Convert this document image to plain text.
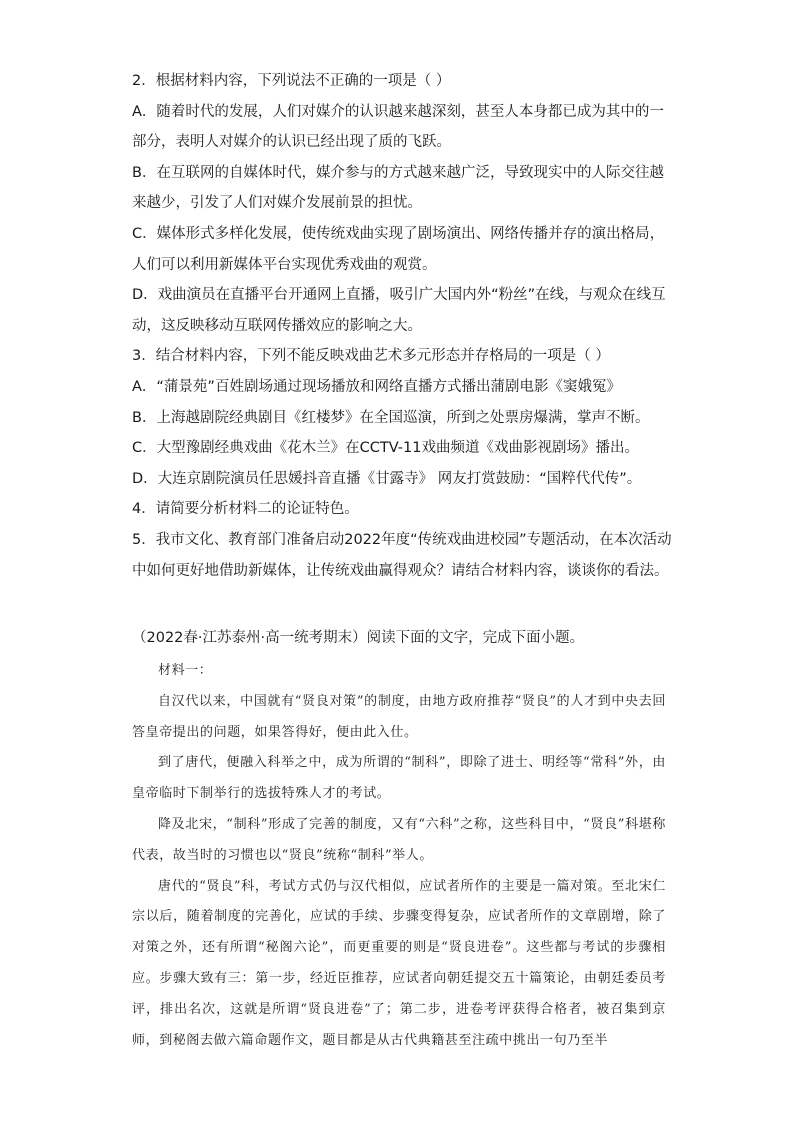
2．根据材料内容，下列说法不正确的一项是（ ）

A．随着时代的发展，人们对媒介的认识越来越深刻，甚至人本身都已成为其中的一部分，表明人对媒介的认识已经出现了质的飞跃。

B．在互联网的自媒体时代，媒介参与的方式越来越广泛，导致现实中的人际交往越来越少，引发了人们对媒介发展前景的担忧。

C．媒体形式多样化发展，使传统戏曲实现了剧场演出、网络传播并存的演出格局，人们可以利用新媒体平台实现优秀戏曲的观赏。

D．戏曲演员在直播平台开通网上直播，吸引广大国内外“粉丝”在线，与观众在线互动，这反映移动互联网传播效应的影响之大。

3．结合材料内容，下列不能反映戏曲艺术多元形态并存格局的一项是（ ）

A．“蒲景苑”百姓剧场通过现场播放和网络直播方式播出蒲剧电影《窦娥冤》

B．上海越剧院经典剧目《红楼梦》在全国巡演，所到之处票房爆满，掌声不断。

C．大型豫剧经典戏曲《花木兰》在CCTV-11戏曲频道《戏曲影视剧场》播出。

D．大连京剧院演员任思媛抖音直播《甘露寺》 网友打赏鼓励：“国粹代代传”。

4．请简要分析材料二的论证特色。

5．我市文化、教育部门准备启动2022年度“传统戏曲进校园”专题活动，在本次活动中如何更好地借助新媒体，让传统戏曲赢得观众？请结合材料内容，谈谈你的看法。

（2022春·江苏泰州·高一统考期末）阅读下面的文字，完成下面小题。

材料一：

自汉代以来，中国就有“贤良对策”的制度，由地方政府推荐“贤良”的人才到中央去回答皇帝提出的问题，如果答得好，便由此入仕。

到了唐代，便融入科举之中，成为所谓的“制科”，即除了进士、明经等“常科”外，由皇帝临时下制举行的选拔特殊人才的考试。

降及北宋，“制科”形成了完善的制度，又有“六科”之称，这些科目中，“贤良”科堪称代表，故当时的习惯也以“贤良”统称“制科”举人。

唐代的“贤良”科，考试方式仍与汉代相似，应试者所作的主要是一篇对策。至北宋仁宗以后，随着制度的完善化，应试的手续、步骤变得复杂，应试者所作的文章剧增，除了对策之外，还有所谓“秘阁六论”，而更重要的则是“贤良进卷”。这些都与考试的步骤相应。步骤大致有三：第一步，经近臣推荐，应试者向朝廷提交五十篇策论，由朝廷委员考评，排出名次，这就是所谓“贤良进卷”了；第二步，进卷考评获得合格者，被召集到京师，到秘阁去做六篇命题作文，题目都是从古代典籍甚至注疏中挑出一句乃至半
